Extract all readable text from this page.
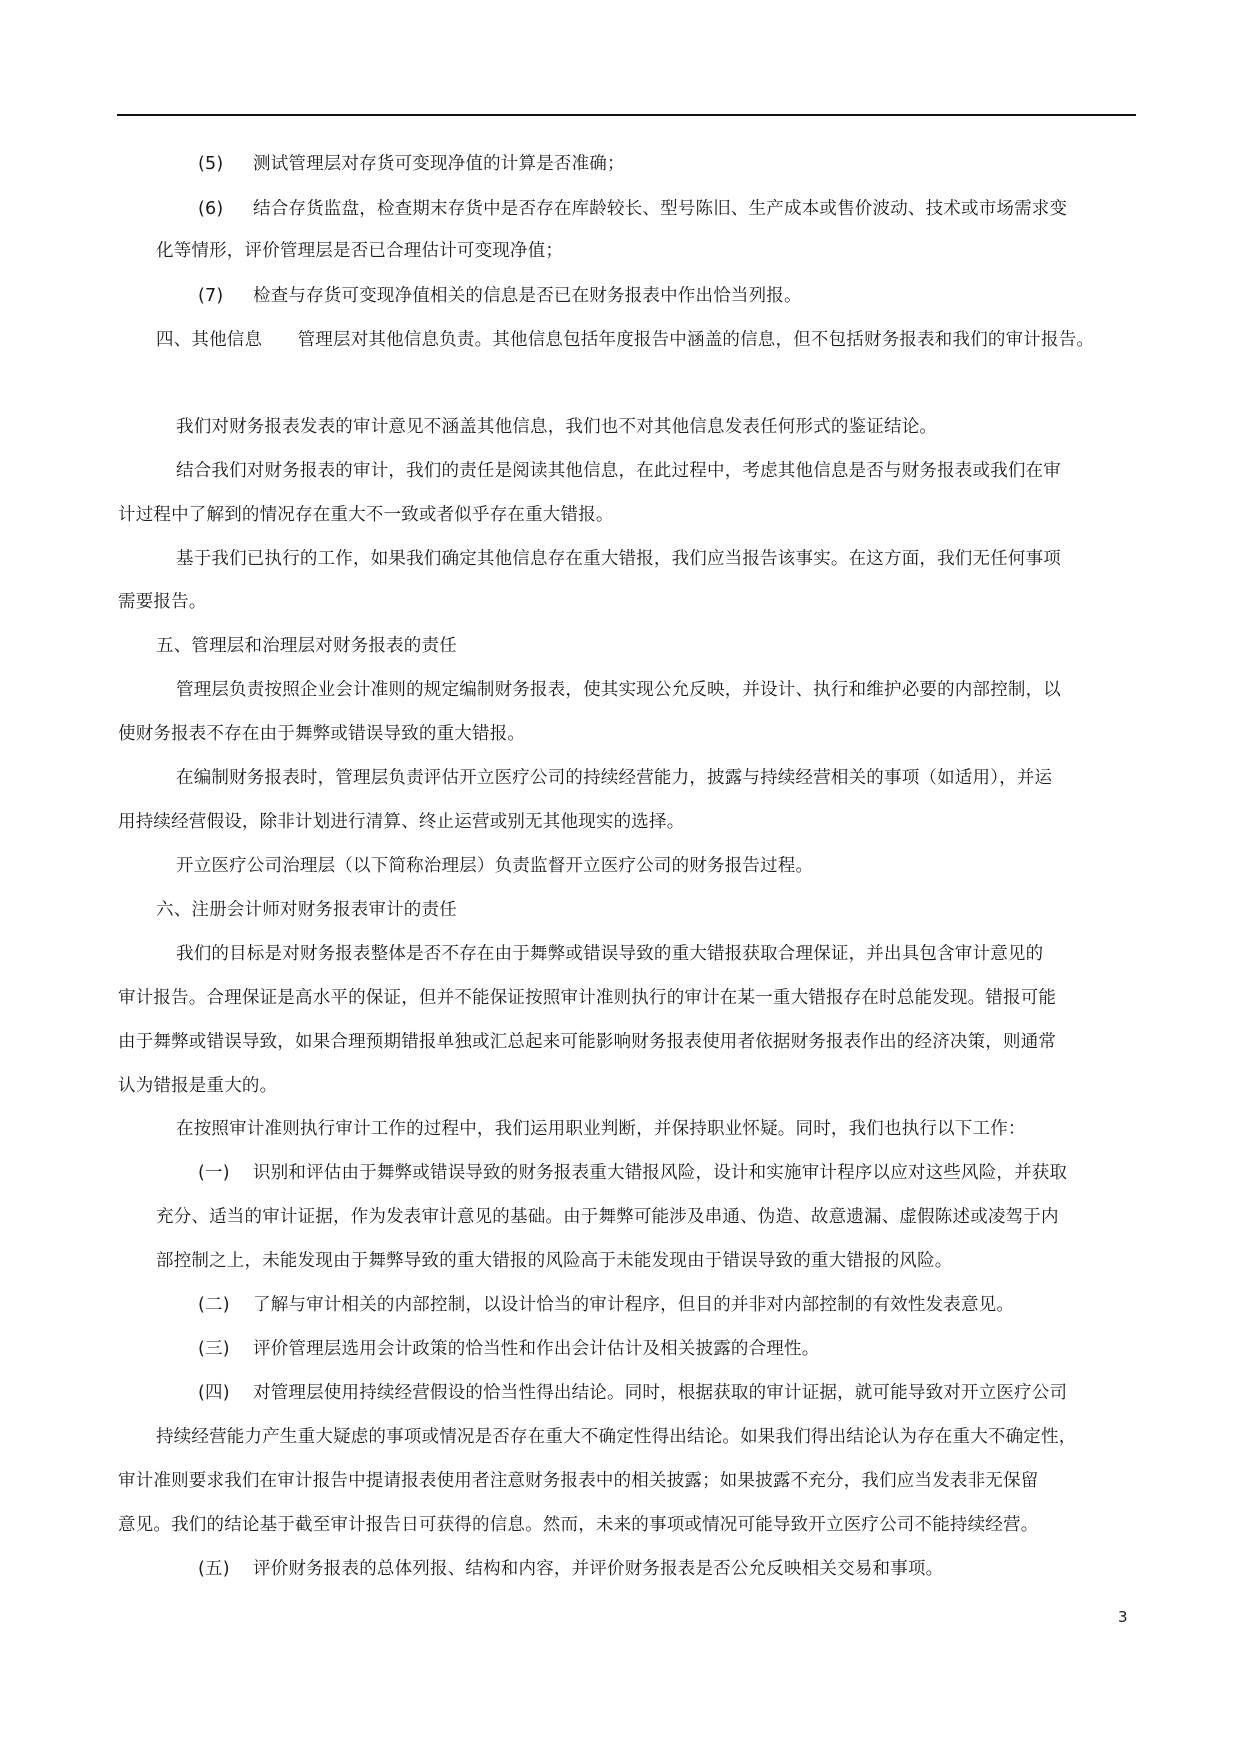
(5) 测试管理层对存货可变现净值的计算是否准确；
(6) 结合存货监盘，检查期末存货中是否存在库龄较长、型号陈旧、生产成本或售价波动、技术或市场需求变
化等情形，评价管理层是否已合理估计可变现净值；
(7) 检查与存货可变现净值相关的信息是否已在财务报表中作出恰当列报。
四、其他信息　　管理层对其他信息负责。其他信息包括年度报告中涵盖的信息，但不包括财务报表和我们的审计报告。
我们对财务报表发表的审计意见不涵盖其他信息，我们也不对其他信息发表任何形式的鉴证结论。
结合我们对财务报表的审计，我们的责任是阅读其他信息，在此过程中，考虑其他信息是否与财务报表或我们在审
计过程中了解到的情况存在重大不一致或者似乎存在重大错报。
基于我们已执行的工作，如果我们确定其他信息存在重大错报，我们应当报告该事实。在这方面，我们无任何事项
需要报告。
五、管理层和治理层对财务报表的责任
管理层负责按照企业会计准则的规定编制财务报表，使其实现公允反映，并设计、执行和维护必要的内部控制，以
使财务报表不存在由于舞弊或错误导致的重大错报。
在编制财务报表时，管理层负责评估开立医疗公司的持续经营能力，披露与持续经营相关的事项（如适用），并运
用持续经营假设，除非计划进行清算、终止运营或别无其他现实的选择。
开立医疗公司治理层（以下简称治理层）负责监督开立医疗公司的财务报告过程。
六、注册会计师对财务报表审计的责任
我们的目标是对财务报表整体是否不存在由于舞弊或错误导致的重大错报获取合理保证，并出具包含审计意见的
审计报告。合理保证是高水平的保证，但并不能保证按照审计准则执行的审计在某一重大错报存在时总能发现。错报可能
由于舞弊或错误导致，如果合理预期错报单独或汇总起来可能影响财务报表使用者依据财务报表作出的经济决策，则通常
认为错报是重大的。
在按照审计准则执行审计工作的过程中，我们运用职业判断，并保持职业怀疑。同时，我们也执行以下工作：
(一) 识别和评估由于舞弊或错误导致的财务报表重大错报风险，设计和实施审计程序以应对这些风险，并获取
充分、适当的审计证据，作为发表审计意见的基础。由于舞弊可能涉及串通、伪造、故意遗漏、虚假陈述或凌驾于内
部控制之上，未能发现由于舞弊导致的重大错报的风险高于未能发现由于错误导致的重大错报的风险。
(二) 了解与审计相关的内部控制，以设计恰当的审计程序，但目的并非对内部控制的有效性发表意见。
(三) 评价管理层选用会计政策的恰当性和作出会计估计及相关披露的合理性。
(四) 对管理层使用持续经营假设的恰当性得出结论。同时，根据获取的审计证据，就可能导致对开立医疗公司
持续经营能力产生重大疑虑的事项或情况是否存在重大不确定性得出结论。如果我们得出结论认为存在重大不确定性，
审计准则要求我们在审计报告中提请报表使用者注意财务报表中的相关披露；如果披露不充分，我们应当发表非无保留
意见。我们的结论基于截至审计报告日可获得的信息。然而，未来的事项或情况可能导致开立医疗公司不能持续经营。
(五) 评价财务报表的总体列报、结构和内容，并评价财务报表是否公允反映相关交易和事项。
3
